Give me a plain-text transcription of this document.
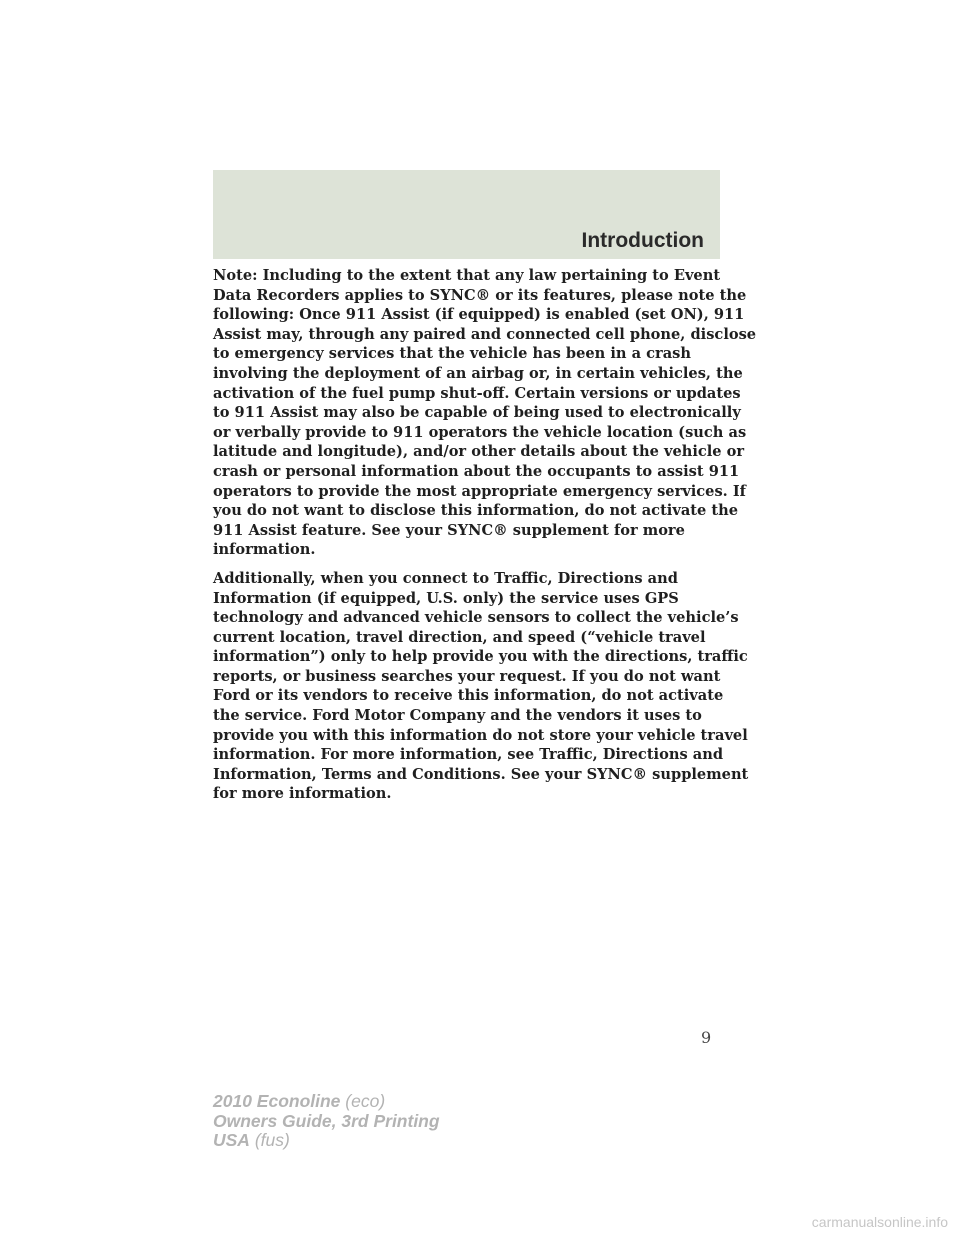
Introduction

Note: Including to the extent that any law pertaining to Event
Data Recorders applies to SYNC® or its features, please note the
following: Once 911 Assist (if equipped) is enabled (set ON), 911
Assist may, through any paired and connected cell phone, disclose
to emergency services that the vehicle has been in a crash
involving the deployment of an airbag or, in certain vehicles, the
activation of the fuel pump shut-off. Certain versions or updates
to 911 Assist may also be capable of being used to electronically
or verbally provide to 911 operators the vehicle location (such as
latitude and longitude), and/or other details about the vehicle or
crash or personal information about the occupants to assist 911
operators to provide the most appropriate emergency services. If
you do not want to disclose this information, do not activate the
911 Assist feature. See your SYNC® supplement for more
information.

Additionally, when you connect to Traffic, Directions and
Information (if equipped, U.S. only) the service uses GPS
technology and advanced vehicle sensors to collect the vehicle’s
current location, travel direction, and speed (“vehicle travel
information”) only to help provide you with the directions, traffic
reports, or business searches your request. If you do not want
Ford or its vendors to receive this information, do not activate
the service. Ford Motor Company and the vendors it uses to
provide you with this information do not store your vehicle travel
information. For more information, see Traffic, Directions and
Information, Terms and Conditions. See your SYNC® supplement
for more information.

9
2010 Econoline (eco)
Owners Guide, 3rd Printing
USA (fus)
carmanualsonline.info
